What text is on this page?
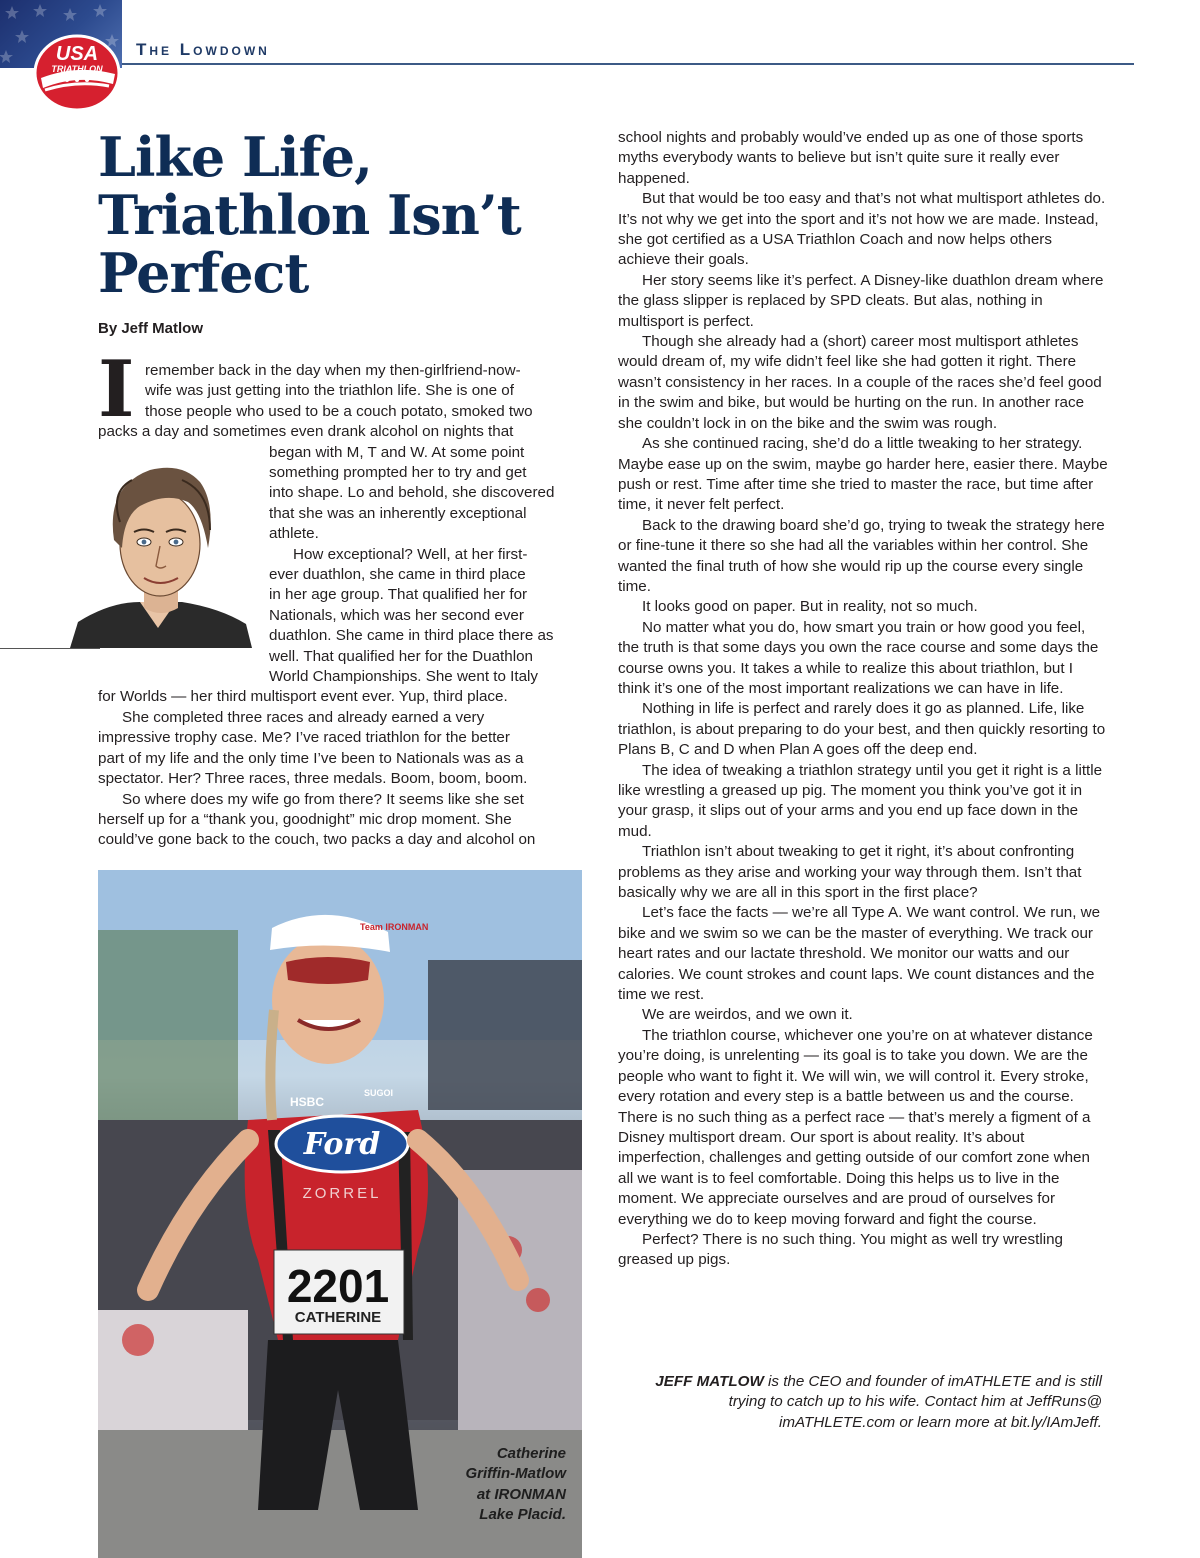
USA
TRIATHLON
The Lowdown
Like Life,
Triathlon Isn’t
Perfect
By Jeff Matlow
I remember back in the day when my then-girlfriend-now-
wife was just getting into the triathlon life. She is one of
those people who used to be a couch potato, smoked two
packs a day and sometimes even drank alcohol on nights that
began with M, T and W. At some point
something prompted her to try and get
into shape. Lo and behold, she discovered
that she was an inherently exceptional
athlete.
How exceptional? Well, at her first-
ever duathlon, she came in third place
in her age group. That qualified her for
Nationals, which was her second ever
duathlon. She came in third place there as
well. That qualified her for the Duathlon
World Championships. She went to Italy
for Worlds — her third multisport event ever. Yup, third place.
She completed three races and already earned a very
impressive trophy case. Me? I’ve raced triathlon for the better
part of my life and the only time I’ve been to Nationals was as a
spectator. Her? Three races, three medals. Boom, boom, boom.
So where does my wife go from there? It seems like she set
herself up for a “thank you, goodnight” mic drop moment. She
could’ve gone back to the couch, two packs a day and alcohol on
Team IRONMAN
HSBC
SUGOI
Ford
ZORREL
2201
CATHERINE
Catherine
Griffin-Matlow
at IRONMAN
Lake Placid.

school nights and probably would’ve ended up as one of those sports myths everybody wants to believe but isn’t quite sure it really ever happened.

But that would be too easy and that’s not what multisport athletes do. It’s not why we get into the sport and it’s not how we are made. Instead, she got certified as a USA Triathlon Coach and now helps others achieve their goals.

Her story seems like it’s perfect. A Disney-like duathlon dream where the glass slipper is replaced by SPD cleats. But alas, nothing in multisport is perfect.

Though she already had a (short) career most multisport athletes would dream of, my wife didn’t feel like she had gotten it right. There wasn’t consistency in her races. In a couple of the races she’d feel good in the swim and bike, but would be hurting on the run. In another race she couldn’t lock in on the bike and the swim was rough.

As she continued racing, she’d do a little tweaking to her strategy. Maybe ease up on the swim, maybe go harder here, easier there. Maybe push or rest. Time after time she tried to master the race, but time after time, it never felt perfect.

Back to the drawing board she’d go, trying to tweak the strategy here or fine-tune it there so she had all the variables within her control. She wanted the final truth of how she would rip up the course every single time.

It looks good on paper. But in reality, not so much.

No matter what you do, how smart you train or how good you feel, the truth is that some days you own the race course and some days the course owns you. It takes a while to realize this about triathlon, but I think it’s one of the most important realizations we can have in life.

Nothing in life is perfect and rarely does it go as planned. Life, like triathlon, is about preparing to do your best, and then quickly resorting to Plans B, C and D when Plan A goes off the deep end.

The idea of tweaking a triathlon strategy until you get it right is a little like wrestling a greased up pig. The moment you think you’ve got it in your grasp, it slips out of your arms and you end up face down in the mud.

Triathlon isn’t about tweaking to get it right, it’s about confronting problems as they arise and working your way through them. Isn’t that basically why we are all in this sport in the first place?

Let’s face the facts — we’re all Type A. We want control. We run, we bike and we swim so we can be the master of everything. We track our heart rates and our lactate threshold. We monitor our watts and our calories. We count strokes and count laps. We count distances and the time we rest.

We are weirdos, and we own it.

The triathlon course, whichever one you’re on at whatever distance you’re doing, is unrelenting — its goal is to take you down. We are the people who want to fight it. We will win, we will control it. Every stroke, every rotation and every step is a battle between us and the course. There is no such thing as a perfect race — that’s merely a figment of a Disney multisport dream. Our sport is about reality. It’s about imperfection, challenges and getting outside of our comfort zone when all we want is to feel comfortable. Doing this helps us to live in the moment. We appreciate ourselves and are proud of ourselves for everything we do to keep moving forward and fight the course.

Perfect? There is no such thing. You might as well try wrestling greased up pigs.

JEFF MATLOW is the CEO and founder of imATHLETE and is still trying to catch up to his wife. Contact him at JeffRuns@ imATHLETE.com or learn more at bit.ly/IAmJeff.
